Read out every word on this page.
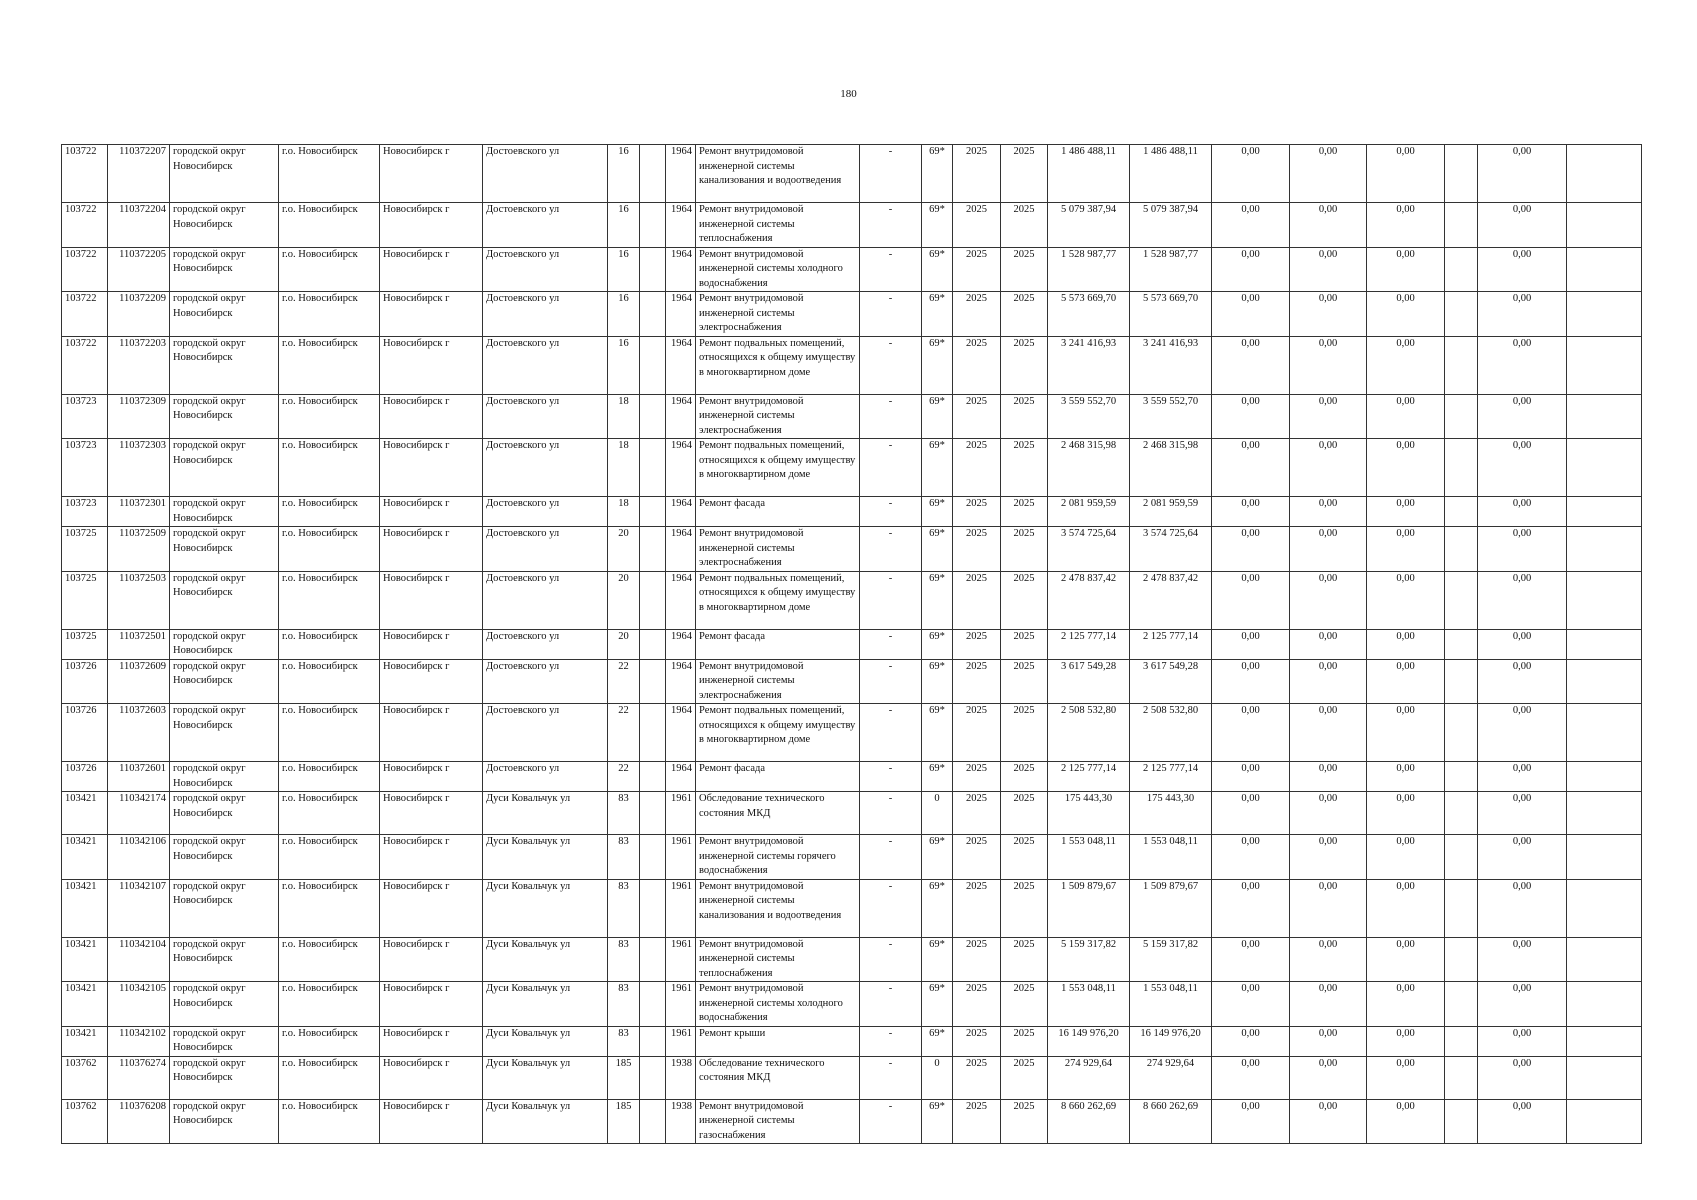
180
103722	110372207	городской округ Новосибирск	г.о. Новосибирск	Новосибирск г	Достоевского ул	16		1964	Ремонт внутридомовой инженерной системы канализования и водоотведения	-	69*	2025	2025	1 486 488,11	1 486 488,11	0,00	0,00	0,00		0,00	
103722	110372204	городской округ Новосибирск	г.о. Новосибирск	Новосибирск г	Достоевского ул	16		1964	Ремонт внутридомовой инженерной системы теплоснабжения	-	69*	2025	2025	5 079 387,94	5 079 387,94	0,00	0,00	0,00		0,00	
103722	110372205	городской округ Новосибирск	г.о. Новосибирск	Новосибирск г	Достоевского ул	16		1964	Ремонт внутридомовой инженерной системы холодного водоснабжения	-	69*	2025	2025	1 528 987,77	1 528 987,77	0,00	0,00	0,00		0,00	
103722	110372209	городской округ Новосибирск	г.о. Новосибирск	Новосибирск г	Достоевского ул	16		1964	Ремонт внутридомовой инженерной системы электроснабжения	-	69*	2025	2025	5 573 669,70	5 573 669,70	0,00	0,00	0,00		0,00	
103722	110372203	городской округ Новосибирск	г.о. Новосибирск	Новосибирск г	Достоевского ул	16		1964	Ремонт подвальных помещений, относящихся к общему имуществу в многоквартирном доме	-	69*	2025	2025	3 241 416,93	3 241 416,93	0,00	0,00	0,00		0,00	
103723	110372309	городской округ Новосибирск	г.о. Новосибирск	Новосибирск г	Достоевского ул	18		1964	Ремонт внутридомовой инженерной системы электроснабжения	-	69*	2025	2025	3 559 552,70	3 559 552,70	0,00	0,00	0,00		0,00	
103723	110372303	городской округ Новосибирск	г.о. Новосибирск	Новосибирск г	Достоевского ул	18		1964	Ремонт подвальных помещений, относящихся к общему имуществу в многоквартирном доме	-	69*	2025	2025	2 468 315,98	2 468 315,98	0,00	0,00	0,00		0,00	
103723	110372301	городской округ Новосибирск	г.о. Новосибирск	Новосибирск г	Достоевского ул	18		1964	Ремонт фасада	-	69*	2025	2025	2 081 959,59	2 081 959,59	0,00	0,00	0,00		0,00	
103725	110372509	городской округ Новосибирск	г.о. Новосибирск	Новосибирск г	Достоевского ул	20		1964	Ремонт внутридомовой инженерной системы электроснабжения	-	69*	2025	2025	3 574 725,64	3 574 725,64	0,00	0,00	0,00		0,00	
103725	110372503	городской округ Новосибирск	г.о. Новосибирск	Новосибирск г	Достоевского ул	20		1964	Ремонт подвальных помещений, относящихся к общему имуществу в многоквартирном доме	-	69*	2025	2025	2 478 837,42	2 478 837,42	0,00	0,00	0,00		0,00	
103725	110372501	городской округ Новосибирск	г.о. Новосибирск	Новосибирск г	Достоевского ул	20		1964	Ремонт фасада	-	69*	2025	2025	2 125 777,14	2 125 777,14	0,00	0,00	0,00		0,00	
103726	110372609	городской округ Новосибирск	г.о. Новосибирск	Новосибирск г	Достоевского ул	22		1964	Ремонт внутридомовой инженерной системы электроснабжения	-	69*	2025	2025	3 617 549,28	3 617 549,28	0,00	0,00	0,00		0,00	
103726	110372603	городской округ Новосибирск	г.о. Новосибирск	Новосибирск г	Достоевского ул	22		1964	Ремонт подвальных помещений, относящихся к общему имуществу в многоквартирном доме	-	69*	2025	2025	2 508 532,80	2 508 532,80	0,00	0,00	0,00		0,00	
103726	110372601	городской округ Новосибирск	г.о. Новосибирск	Новосибирск г	Достоевского ул	22		1964	Ремонт фасада	-	69*	2025	2025	2 125 777,14	2 125 777,14	0,00	0,00	0,00		0,00	
103421	110342174	городской округ Новосибирск	г.о. Новосибирск	Новосибирск г	Дуси Ковальчук ул	83		1961	Обследование технического состояния МКД	-	0	2025	2025	175 443,30	175 443,30	0,00	0,00	0,00		0,00	
103421	110342106	городской округ Новосибирск	г.о. Новосибирск	Новосибирск г	Дуси Ковальчук ул	83		1961	Ремонт внутридомовой инженерной системы горячего водоснабжения	-	69*	2025	2025	1 553 048,11	1 553 048,11	0,00	0,00	0,00		0,00	
103421	110342107	городской округ Новосибирск	г.о. Новосибирск	Новосибирск г	Дуси Ковальчук ул	83		1961	Ремонт внутридомовой инженерной системы канализования и водоотведения	-	69*	2025	2025	1 509 879,67	1 509 879,67	0,00	0,00	0,00		0,00	
103421	110342104	городской округ Новосибирск	г.о. Новосибирск	Новосибирск г	Дуси Ковальчук ул	83		1961	Ремонт внутридомовой инженерной системы теплоснабжения	-	69*	2025	2025	5 159 317,82	5 159 317,82	0,00	0,00	0,00		0,00	
103421	110342105	городской округ Новосибирск	г.о. Новосибирск	Новосибирск г	Дуси Ковальчук ул	83		1961	Ремонт внутридомовой инженерной системы холодного водоснабжения	-	69*	2025	2025	1 553 048,11	1 553 048,11	0,00	0,00	0,00		0,00	
103421	110342102	городской округ Новосибирск	г.о. Новосибирск	Новосибирск г	Дуси Ковальчук ул	83		1961	Ремонт крыши	-	69*	2025	2025	16 149 976,20	16 149 976,20	0,00	0,00	0,00		0,00	
103762	110376274	городской округ Новосибирск	г.о. Новосибирск	Новосибирск г	Дуси Ковальчук ул	185		1938	Обследование технического состояния МКД	-	0	2025	2025	274 929,64	274 929,64	0,00	0,00	0,00		0,00	
103762	110376208	городской округ Новосибирск	г.о. Новосибирск	Новосибирск г	Дуси Ковальчук ул	185		1938	Ремонт внутридомовой инженерной системы газоснабжения	-	69*	2025	2025	8 660 262,69	8 660 262,69	0,00	0,00	0,00		0,00	
